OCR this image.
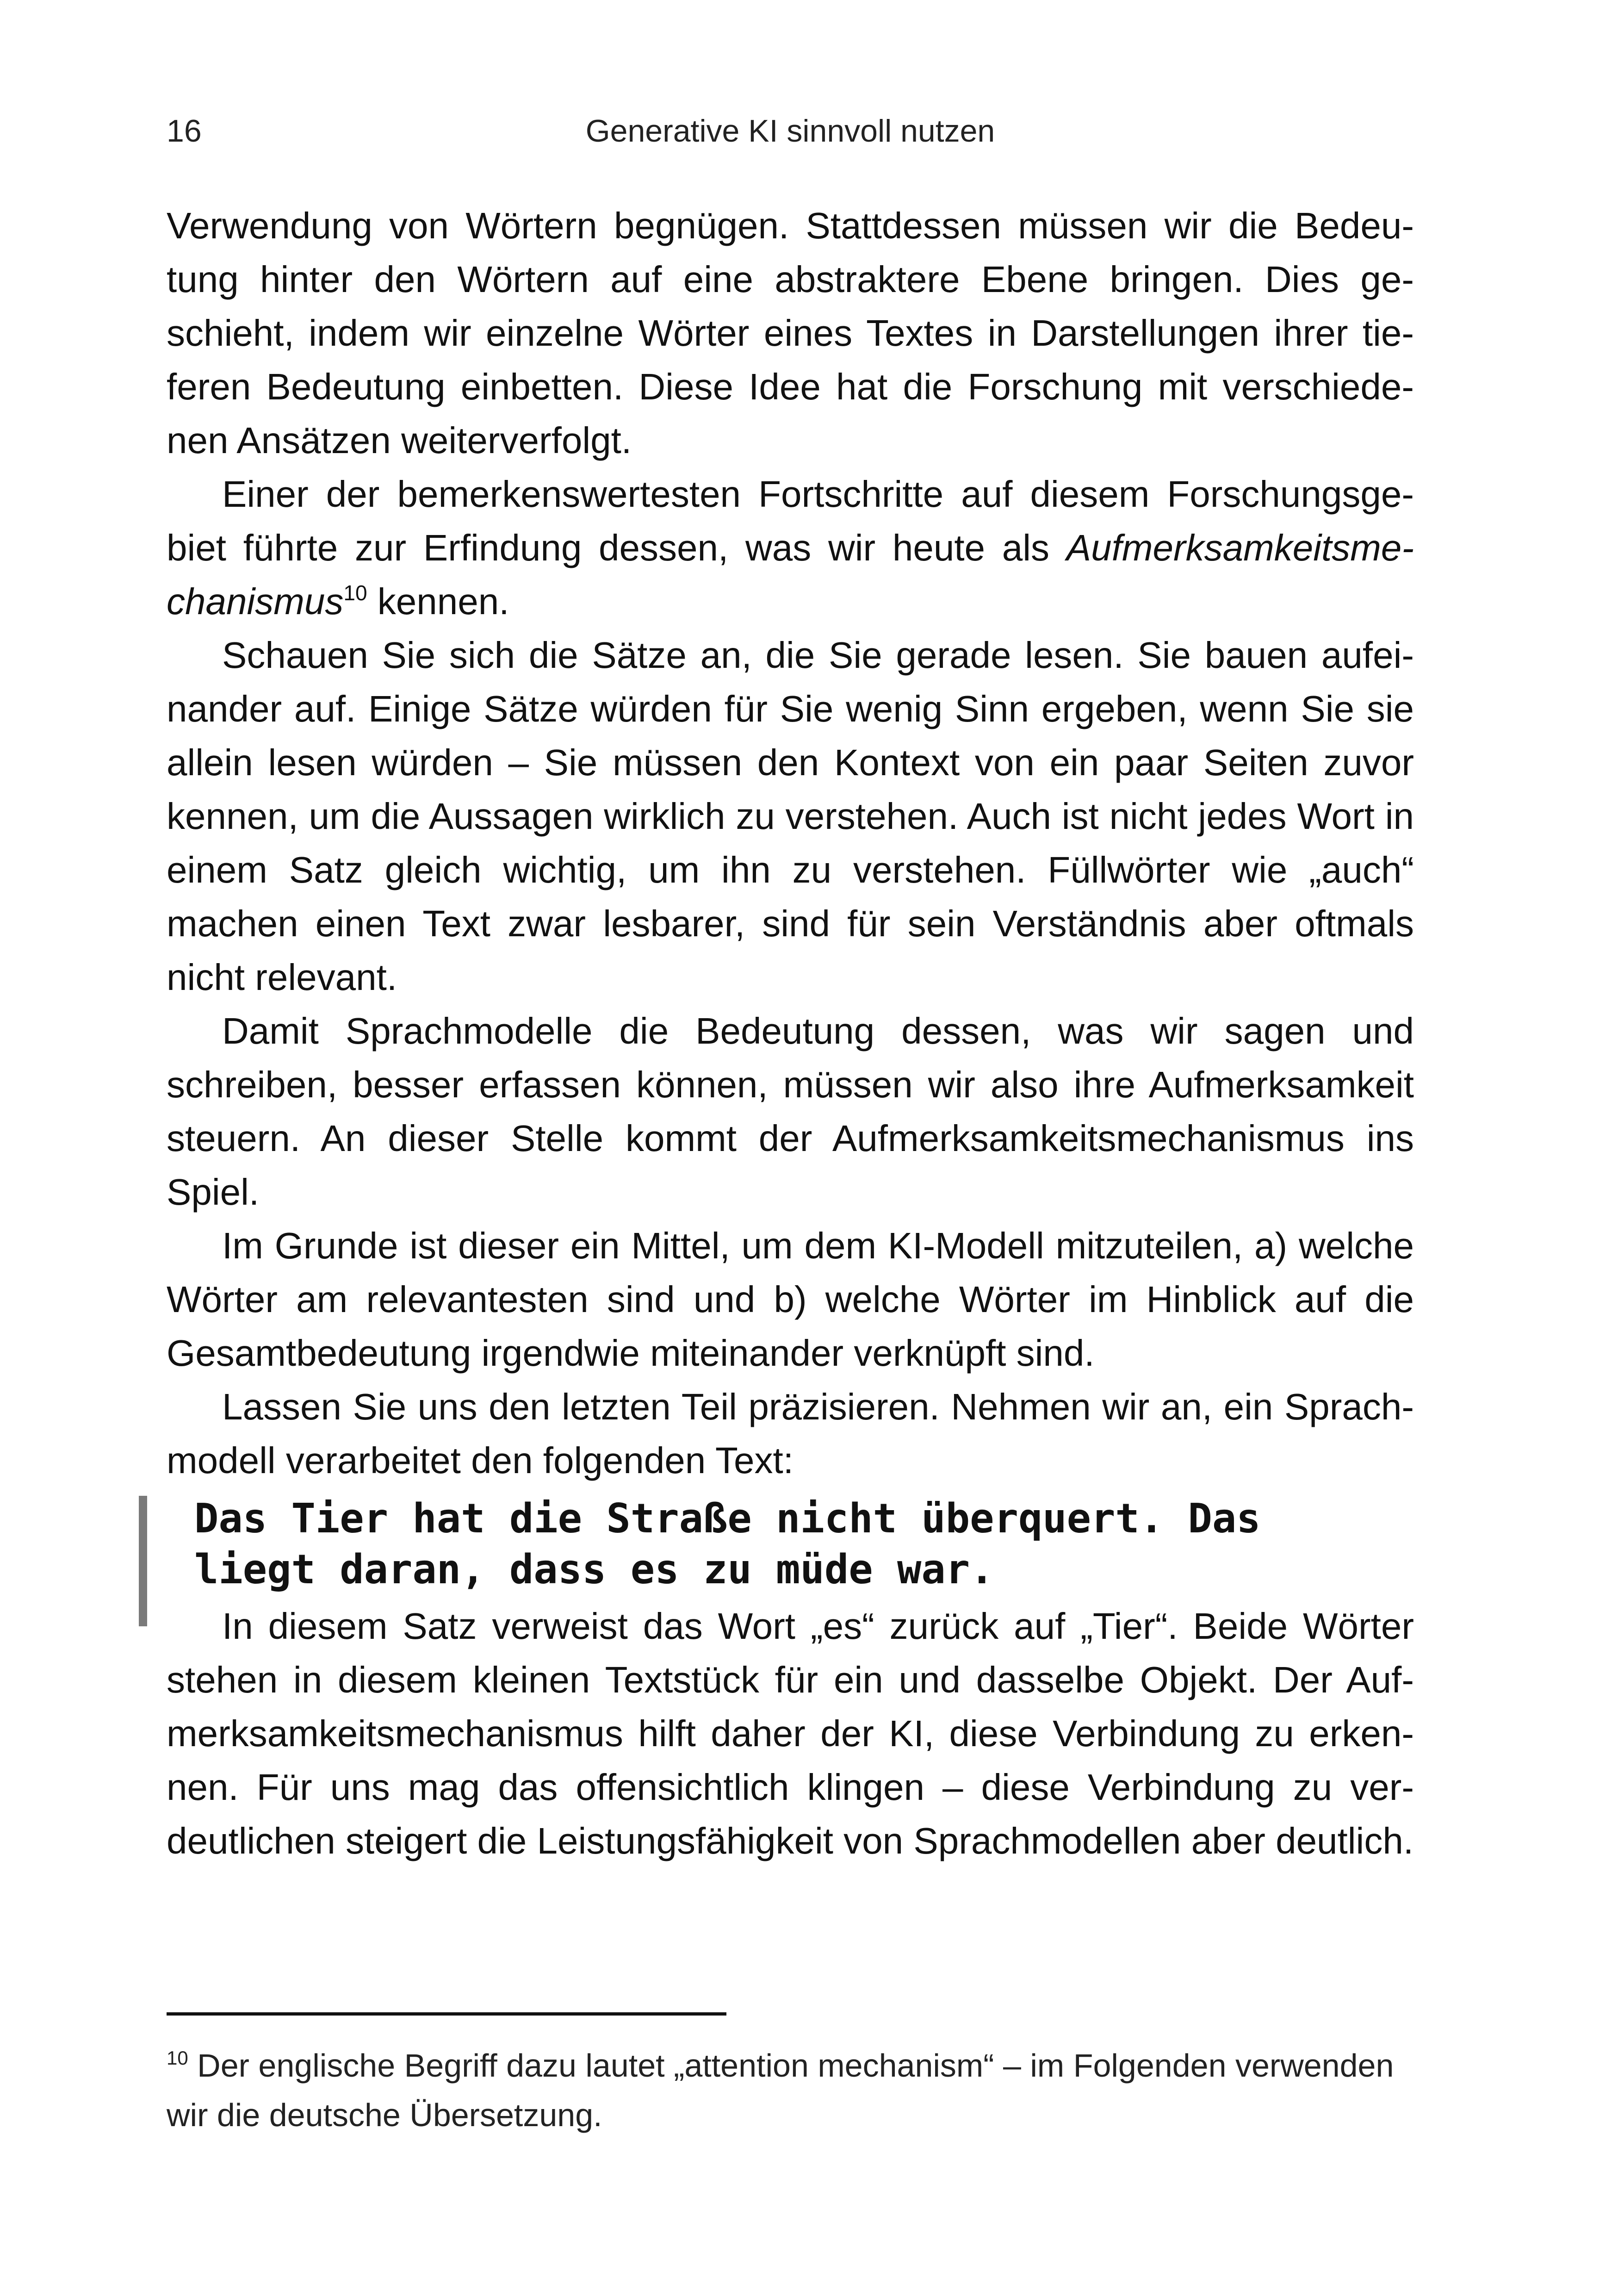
16	Generative KI sinnvoll nutzen

Verwendung von Wörtern begnügen. Stattdessen müssen wir die Bedeutung hinter den Wörtern auf eine abstraktere Ebene bringen. Dies geschieht, indem wir einzelne Wörter eines Textes in Darstellungen ihrer tieferen Bedeutung einbetten. Diese Idee hat die Forschung mit verschiedenen Ansätzen weiterverfolgt.

Einer der bemerkenswertesten Fortschritte auf diesem Forschungsgebiet führte zur Erfindung dessen, was wir heute als Aufmerksamkeitsmechanismus$^{10}$ kennen.

Schauen Sie sich die Sätze an, die Sie gerade lesen. Sie bauen aufeinander auf. Einige Sätze würden für Sie wenig Sinn ergeben, wenn Sie sie allein lesen würden – Sie müssen den Kontext von ein paar Seiten zuvor kennen, um die Aussagen wirklich zu verstehen. Auch ist nicht jedes Wort in einem Satz gleich wichtig, um ihn zu verstehen. Füllwörter wie „auch“ machen einen Text zwar lesbarer, sind für sein Verständnis aber oftmals nicht relevant.

Damit Sprachmodelle die Bedeutung dessen, was wir sagen und schreiben, besser erfassen können, müssen wir also ihre Aufmerksamkeit steuern. An dieser Stelle kommt der Aufmerksamkeitsmechanismus ins Spiel.

Im Grunde ist dieser ein Mittel, um dem KI-Modell mitzuteilen, a) welche Wörter am relevantesten sind und b) welche Wörter im Hinblick auf die Gesamtbedeutung irgendwie miteinander verknüpft sind.

Lassen Sie uns den letzten Teil präzisieren. Nehmen wir an, ein Sprachmodell verarbeitet den folgenden Text:

Das Tier hat die Straße nicht überquert. Das
liegt daran, dass es zu müde war.

In diesem Satz verweist das Wort „es“ zurück auf „Tier“. Beide Wörter stehen in diesem kleinen Textstück für ein und dasselbe Objekt. Der Aufmerksamkeitsmechanismus hilft daher der KI, diese Verbindung zu erkennen. Für uns mag das offensichtlich klingen – diese Verbindung zu verdeutlichen steigert die Leistungsfähigkeit von Sprachmodellen aber deutlich.

$^{10}$ Der englische Begriff dazu lautet „attention mechanism“ – im Folgenden verwenden wir die deutsche Übersetzung.
